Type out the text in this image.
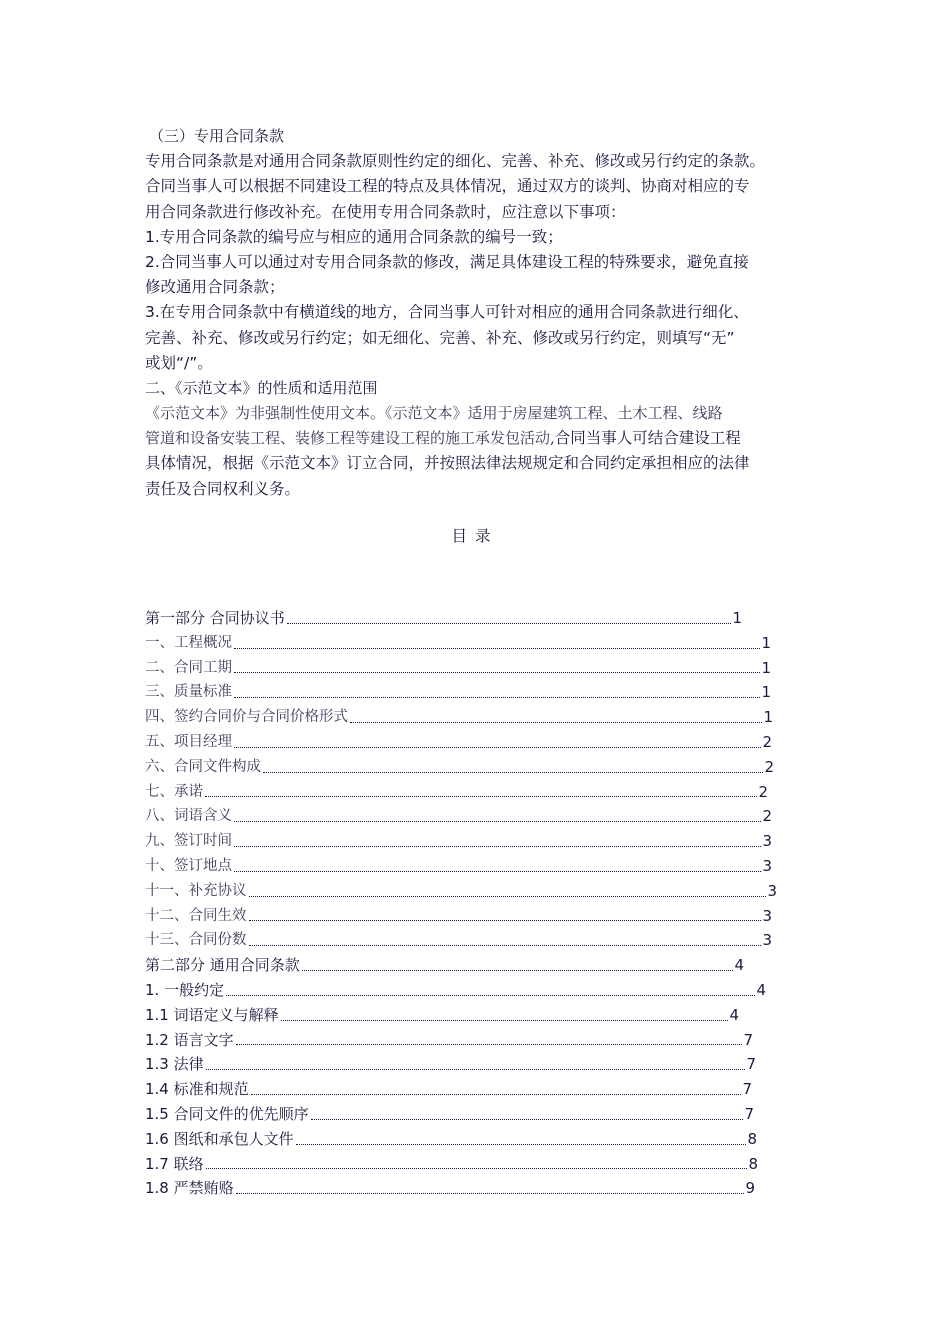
（三）专用合同条款
专用合同条款是对通用合同条款原则性约定的细化、完善、补充、修改或另行约定的条款。
合同当事人可以根据不同建设工程的特点及具体情况，通过双方的谈判、协商对相应的专
用合同条款进行修改补充。在使用专用合同条款时，应注意以下事项：
1.专用合同条款的编号应与相应的通用合同条款的编号一致；
2.合同当事人可以通过对专用合同条款的修改，满足具体建设工程的特殊要求，避免直接
修改通用合同条款；
3.在专用合同条款中有横道线的地方，合同当事人可针对相应的通用合同条款进行细化、
完善、补充、修改或另行约定；如无细化、完善、补充、修改或另行约定，则填写“无”
或划“/”。
二、《示范文本》的性质和适用范围
《示范文本》为非强制性使用文本。《示范文本》适用于房屋建筑工程、土木工程、线路
管道和设备安装工程、装修工程等建设工程的施工承发包活动,合同当事人可结合建设工程
具体情况，根据《示范文本》订立合同，并按照法律法规规定和合同约定承担相应的法律
责任及合同权利义务。
目录
第一部分 合同协议书	1
一、工程概况	1
二、合同工期	1
三、质量标准	1
四、签约合同价与合同价格形式	1
五、项目经理	2
六、合同文件构成	2
七、承诺	2
八、词语含义	2
九、签订时间	3
十、签订地点	3
十一、补充协议	3
十二、合同生效	3
十三、合同份数	3
第二部分 通用合同条款	4
1. 一般约定	4
1.1 词语定义与解释	4
1.2 语言文字	7
1.3 法律	7
1.4 标准和规范	7
1.5 合同文件的优先顺序	7
1.6 图纸和承包人文件	8
1.7 联络	8
1.8 严禁贿赂	9
